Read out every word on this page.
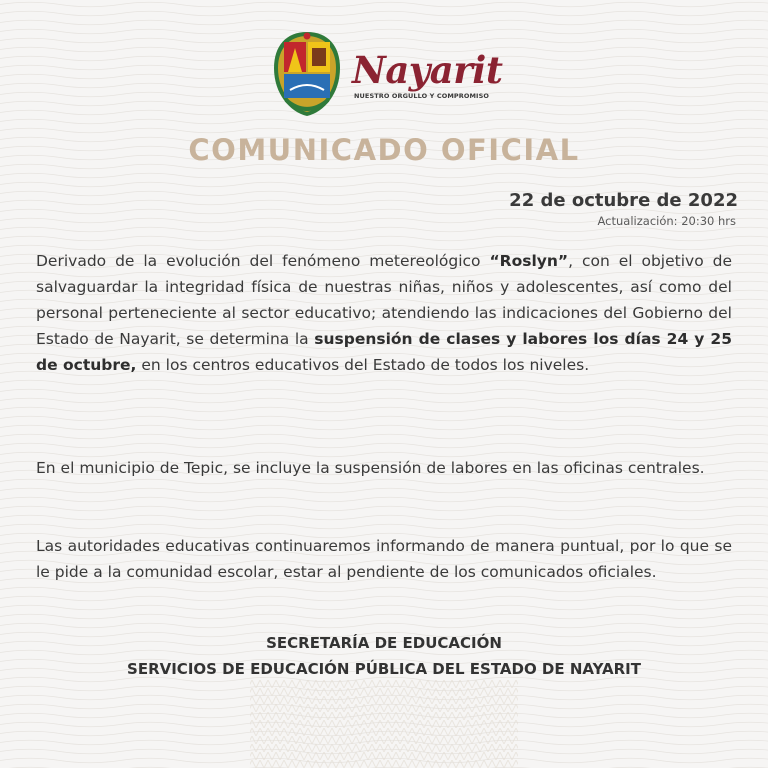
Nayarit
NUESTRO ORGULLO Y COMPROMISO
COMUNICADO OFICIAL
22 de octubre de 2022
Actualización: 20:30 hrs

Derivado de la evolución del fenómeno metereológico “Roslyn”, con el objetivo de salvaguardar la integridad física de nuestras niñas, niños y adolescentes, así como del personal perteneciente al sector educativo; atendiendo las indicaciones del Gobierno del Estado de Nayarit, se determina la suspensión de clases y labores los días 24 y 25 de octubre, en los centros educativos del Estado de todos los niveles.

En el municipio de Tepic, se incluye la suspensión de labores en las oficinas centrales.

Las autoridades educativas continuaremos informando de manera puntual, por lo que se le pide a la comunidad escolar, estar al pendiente de los comunicados oficiales.

SECRETARÍA DE EDUCACIÓN
SERVICIOS DE EDUCACIÓN PÚBLICA DEL ESTADO DE NAYARIT
